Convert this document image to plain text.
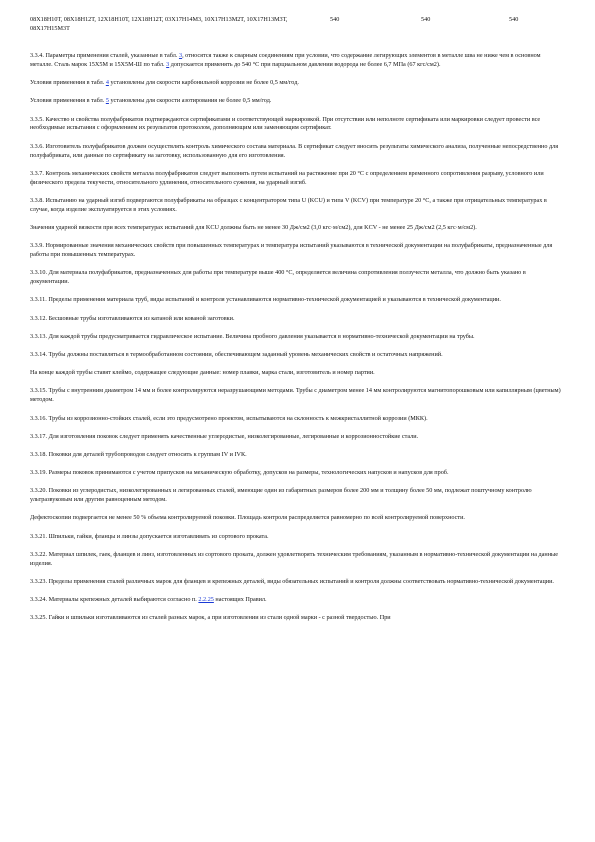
08Х18Н10Т, 08Х18Н12Т, 12Х18Н10Т, 12Х18Н12Т, 03Х17Н14М3, 10Х17Н13М2Т, 10Х17Н13М3Т, 08Х17Н15М3Т
540	540	540

3.3.4. Параметры применения сталей, указанные в табл. 3, относятся также к сварным соединениям при условии, что содержание легирующих элементов в металле шва не ниже чем в основном металле. Сталь марок 15Х5М и 15Х5М-Ш по табл. 3 допускается применять до 540 °С при парциальном давлении водорода не более 6,7 МПа (67 кгс/см2).

Условия применения в табл. 4 установлены для скорости карбонильной коррозии не более 0,5 мм/год.

Условия применения в табл. 5 установлены для скорости азотирования не более 0,5 мм/год.

3.3.5. Качество и свойства полуфабрикатов подтверждаются сертификатами и соответствующей маркировкой. При отсутствии или неполноте сертификата или маркировки следует провести все необходимые испытания с оформлением их результатов протоколом, дополняющим или заменяющим сертификат.

3.3.6. Изготовитель полуфабрикатов должен осуществлять контроль химического состава материала. В сертификат следует вносить результаты химического анализа, полученные непосредственно для полуфабриката, или данные по сертификату на заготовку, использованную для его изготовления.

3.3.7. Контроль механических свойств металла полуфабрикатов следует выполнять путем испытаний на растяжение при 20 °С с определением временного сопротивления разрыву, условного или физического предела текучести, относительного удлинения, относительного сужения, на ударный изгиб.

3.3.8. Испытанию на ударный изгиб подвергаются полуфабрикаты на образцах с концентратором типа U (KCU) и типа V (KCV) при температуре 20 °С, а также при отрицательных температурах в случае, когда изделие эксплуатируется в этих условиях.

Значения ударной вязкости при всех температурах испытаний для KCU должны быть не менее 30 Дж/см2 (3,0 кгс·м/см2), для KCV - не менее 25 Дж/см2 (2,5 кгс·м/см2).

3.3.9. Нормированные значения механических свойств при повышенных температурах и температура испытаний указываются в технической документации на полуфабрикаты, предназначенные для работы при повышенных температурах.

3.3.10. Для материала полуфабрикатов, предназначенных для работы при температуре выше 400 °С, определяется величина сопротивления ползучести металла, что должно быть указано в документации.

3.3.11. Пределы применения материала труб, виды испытаний и контроля устанавливаются нормативно-технической документацией и указываются в технической документации.

3.3.12. Бесшовные трубы изготавливаются из катаной или кованой заготовки.

3.3.13. Для каждой трубы предусматривается гидравлическое испытание. Величина пробного давления указывается в нормативно-технической документации на трубы.

3.3.14. Трубы должны поставляться в термообработанном состоянии, обеспечивающем заданный уровень механических свойств и остаточных напряжений.

На конце каждой трубы ставят клеймо, содержащее следующие данные: номер плавки, марка стали, изготовитель и номер партии.

3.3.15. Трубы с внутренним диаметром 14 мм и более контролируются неразрушающими методами. Трубы с диаметром менее 14 мм контролируются магнитопорошковым или капиллярным (цветным) методом.

3.3.16. Трубы из коррозионно-стойких сталей, если это предусмотрено проектом, испытываются на склонность к межкристаллитной коррозии (МКК).

3.3.17. Для изготовления поковок следует применять качественные углеродистые, низколегированные, легированные и коррозионностойкие стали.

3.3.18. Поковки для деталей трубопроводов следует относить к группам IV и IVК.

3.3.19. Размеры поковок принимаются с учетом припусков на механическую обработку, допусков на размеры, технологических напусков и напусков для проб.

3.3.20. Поковки из углеродистых, низколегированных и легированных сталей, имеющие один из габаритных размеров более 200 мм и толщину более 50 мм, подлежат поштучному контролю ультразвуковым или другим равноценным методом.

Дефектоскопии подвергается не менее 50 % объема контролируемой поковки. Площадь контроля распределяется равномерно по всей контролируемой поверхности.

3.3.21. Шпильки, гайки, фланцы и линзы допускается изготавливать из сортового проката.

3.3.22. Материал шпилек, гаек, фланцев и линз, изготовленных из сортового проката, должен удовлетворять техническим требованиям, указанным в нормативно-технической документации на данные изделия.

3.3.23. Пределы применения сталей различных марок для фланцев и крепежных деталей, виды обязательных испытаний и контроля должны соответствовать нормативно-технической документации.

3.3.24. Материалы крепежных деталей выбираются согласно п. 2.2.25 настоящих Правил.

3.3.25. Гайки и шпильки изготавливаются из сталей разных марок, а при изготовлении из стали одной марки - с разной твердостью. При
